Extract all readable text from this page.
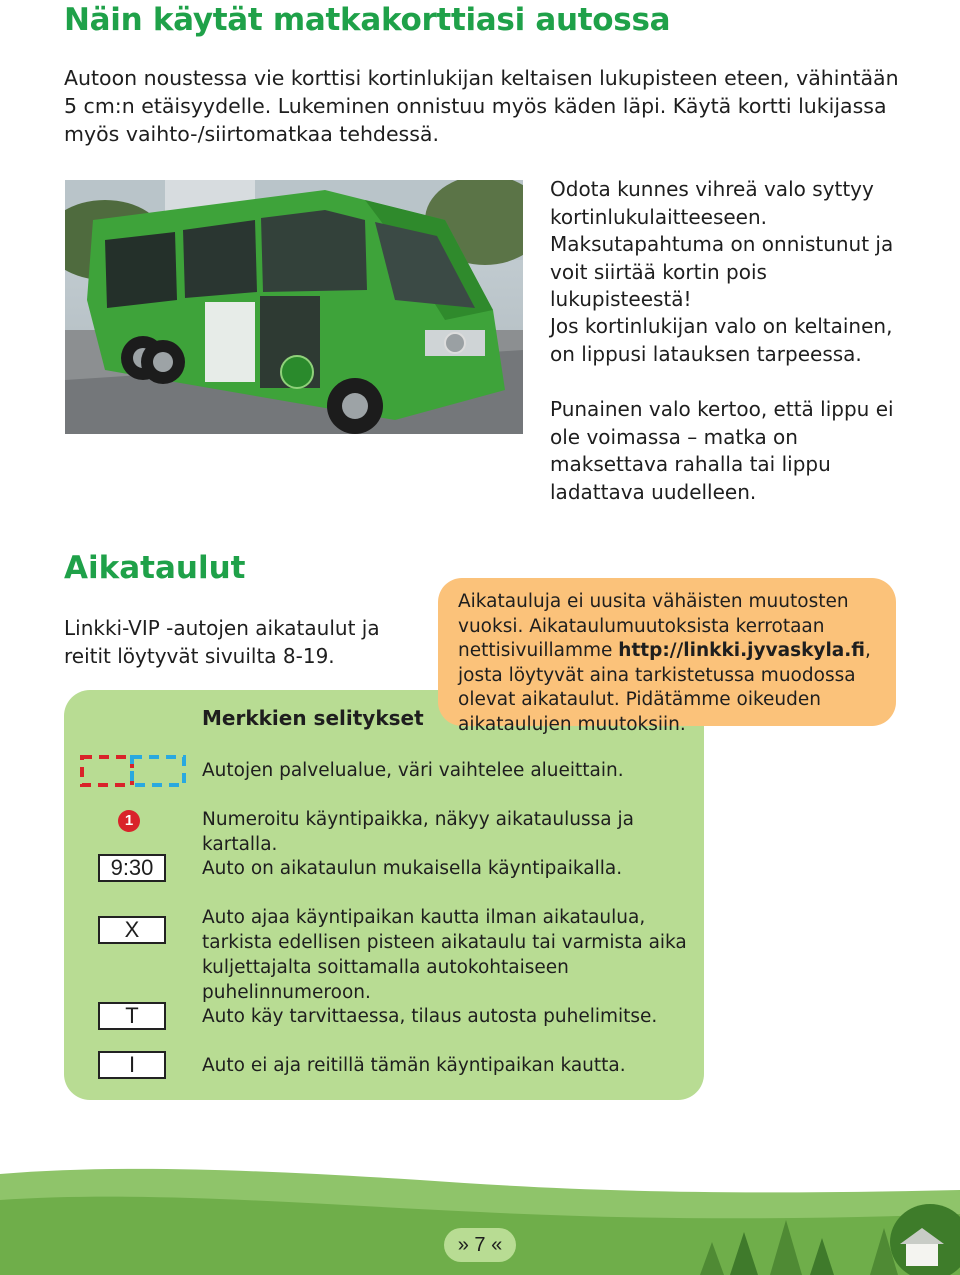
Näin käytät matkakorttiasi autossa

Autoon noustessa vie korttisi kortinlukijan keltaisen lukupisteen eteen, vähintään 5 cm:n etäisyydelle. Lukeminen onnistuu myös käden läpi. Käytä kortti lukijassa myös vaihto-/siirtomatkaa tehdessä.

Odota kunnes vihreä valo syttyy kortinlukulaitteeseen. Maksutapahtuma on onnistunut ja voit siirtää kortin pois lukupisteestä!

Jos kortinlukijan valo on keltainen, on lippusi latauksen tarpeessa.

Punainen valo kertoo, että lippu ei ole voimassa – matka on maksettava rahalla tai lippu ladattava uudelleen.

Aikataulut

Linkki-VIP -autojen aikataulut ja reitit löytyvät sivuilta 8-19.

Aikatauluja ei uusita vähäisten muutosten vuoksi. Aikataulumuutoksista kerrotaan nettisivuillamme http://linkki.jyvaskyla.fi, josta löytyvät aina tarkistetussa muodossa olevat aikataulut. Pidätämme oikeuden aikataulujen muutoksiin.
Merkkien selitykset
Autojen palvelualue, väri vaihtelee alueittain.
1	Numeroitu käyntipaikka, näkyy aikataulussa ja kartalla.
9:30	Auto on aikataulun mukaisella käyntipaikalla.
X	Auto ajaa käyntipaikan kautta ilman aikataulua, tarkista edellisen pisteen aikataulu tai varmista aika kuljettajalta soittamalla autokohtaiseen puhelinnumeroon.
T	Auto käy tarvittaessa, tilaus autosta puhelimitse.
I	Auto ei aja reitillä tämän käyntipaikan kautta.
» 7 «
